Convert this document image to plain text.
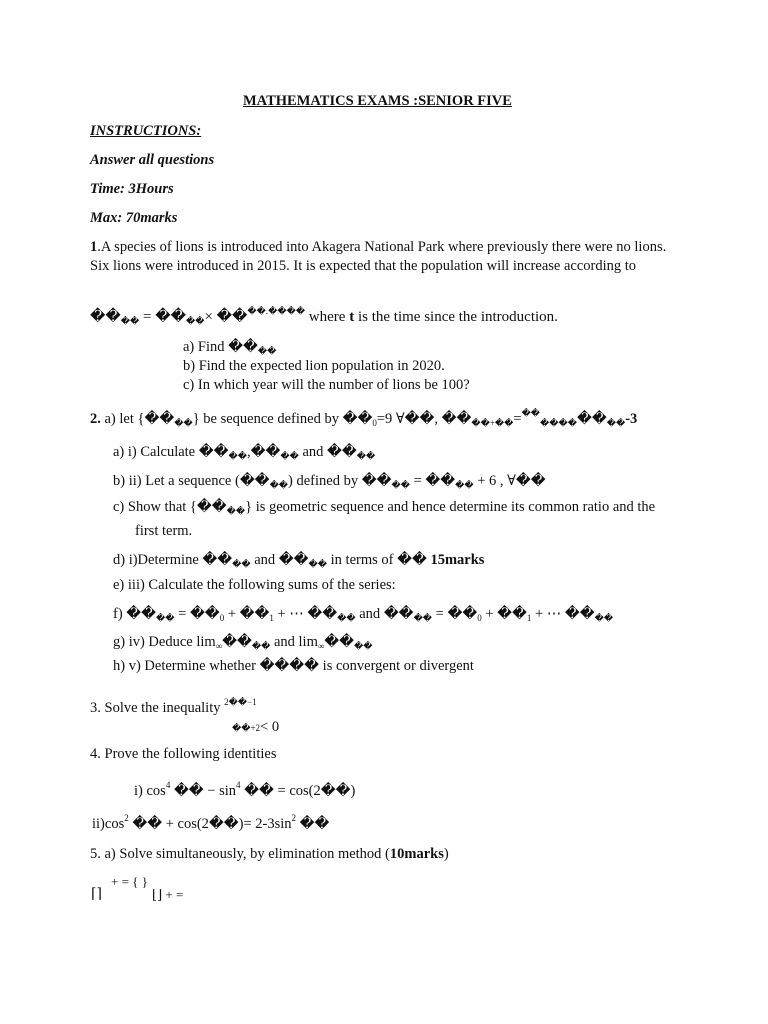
MATHEMATICS EXAMS :SENIOR FIVE
INSTRUCTIONS:
Answer all questions
Time: 3Hours
Max: 70marks
1.A species of lions is introduced into Akagera National Park where previously there were no lions. Six lions were introduced in 2015. It is expected that the population will increase according to
$��_{��}$ = $��_{��}\times$ ����.���� where t is the time since the introduction.
a) Find $��_{��}$
b) Find the expected lion population in 2020.
c) In which year will the number of lions be 100?
2. a) let $\{��_{��}\}$ be sequence defined by $��_0=9$ ∀��, $��_{��+��}=^{��}_{����}��_{��}-3$
a) i) Calculate $��_{��},��_{��}$ and $��_{��}$
b) ii) Let a sequence $(��_{��})$ defined by $��_{��}$ = $��_{��} + 6$ , ∀��
c) Show that $\{��_{��}\}$ is geometric sequence and hence determine its common ratio and the
first term.
d) i)Determine $��_{��}$ and $��_{��}$ in terms of �� 15marks
e) iii) Calculate the following sums of the series:
f) $��_{��}$ = $��_0$ + $��_1$ + ⋯ $��_{��}$ and $��_{��}$ = $��_0$ + $��_1$ + ⋯ $��_{��}$
g) iv) Deduce $\lim_\infty��_{��}$ and $\lim_\infty��_{��}$
h) v) Determine whether ���� is convergent or divergent
3. Solve the inequality $^{2��-1}$
��+2< 0
4. Prove the following identities
i) $\cos^4$ �� − $\sin^4$ �� = cos(2��)
$ii)\cos^2$ �� + cos(2��)= $2-3\sin^2$ ��
5. a) Solve simultaneously, by elimination method (10marks)
⌈⌉
+ = { }
⌊⌋ + =
